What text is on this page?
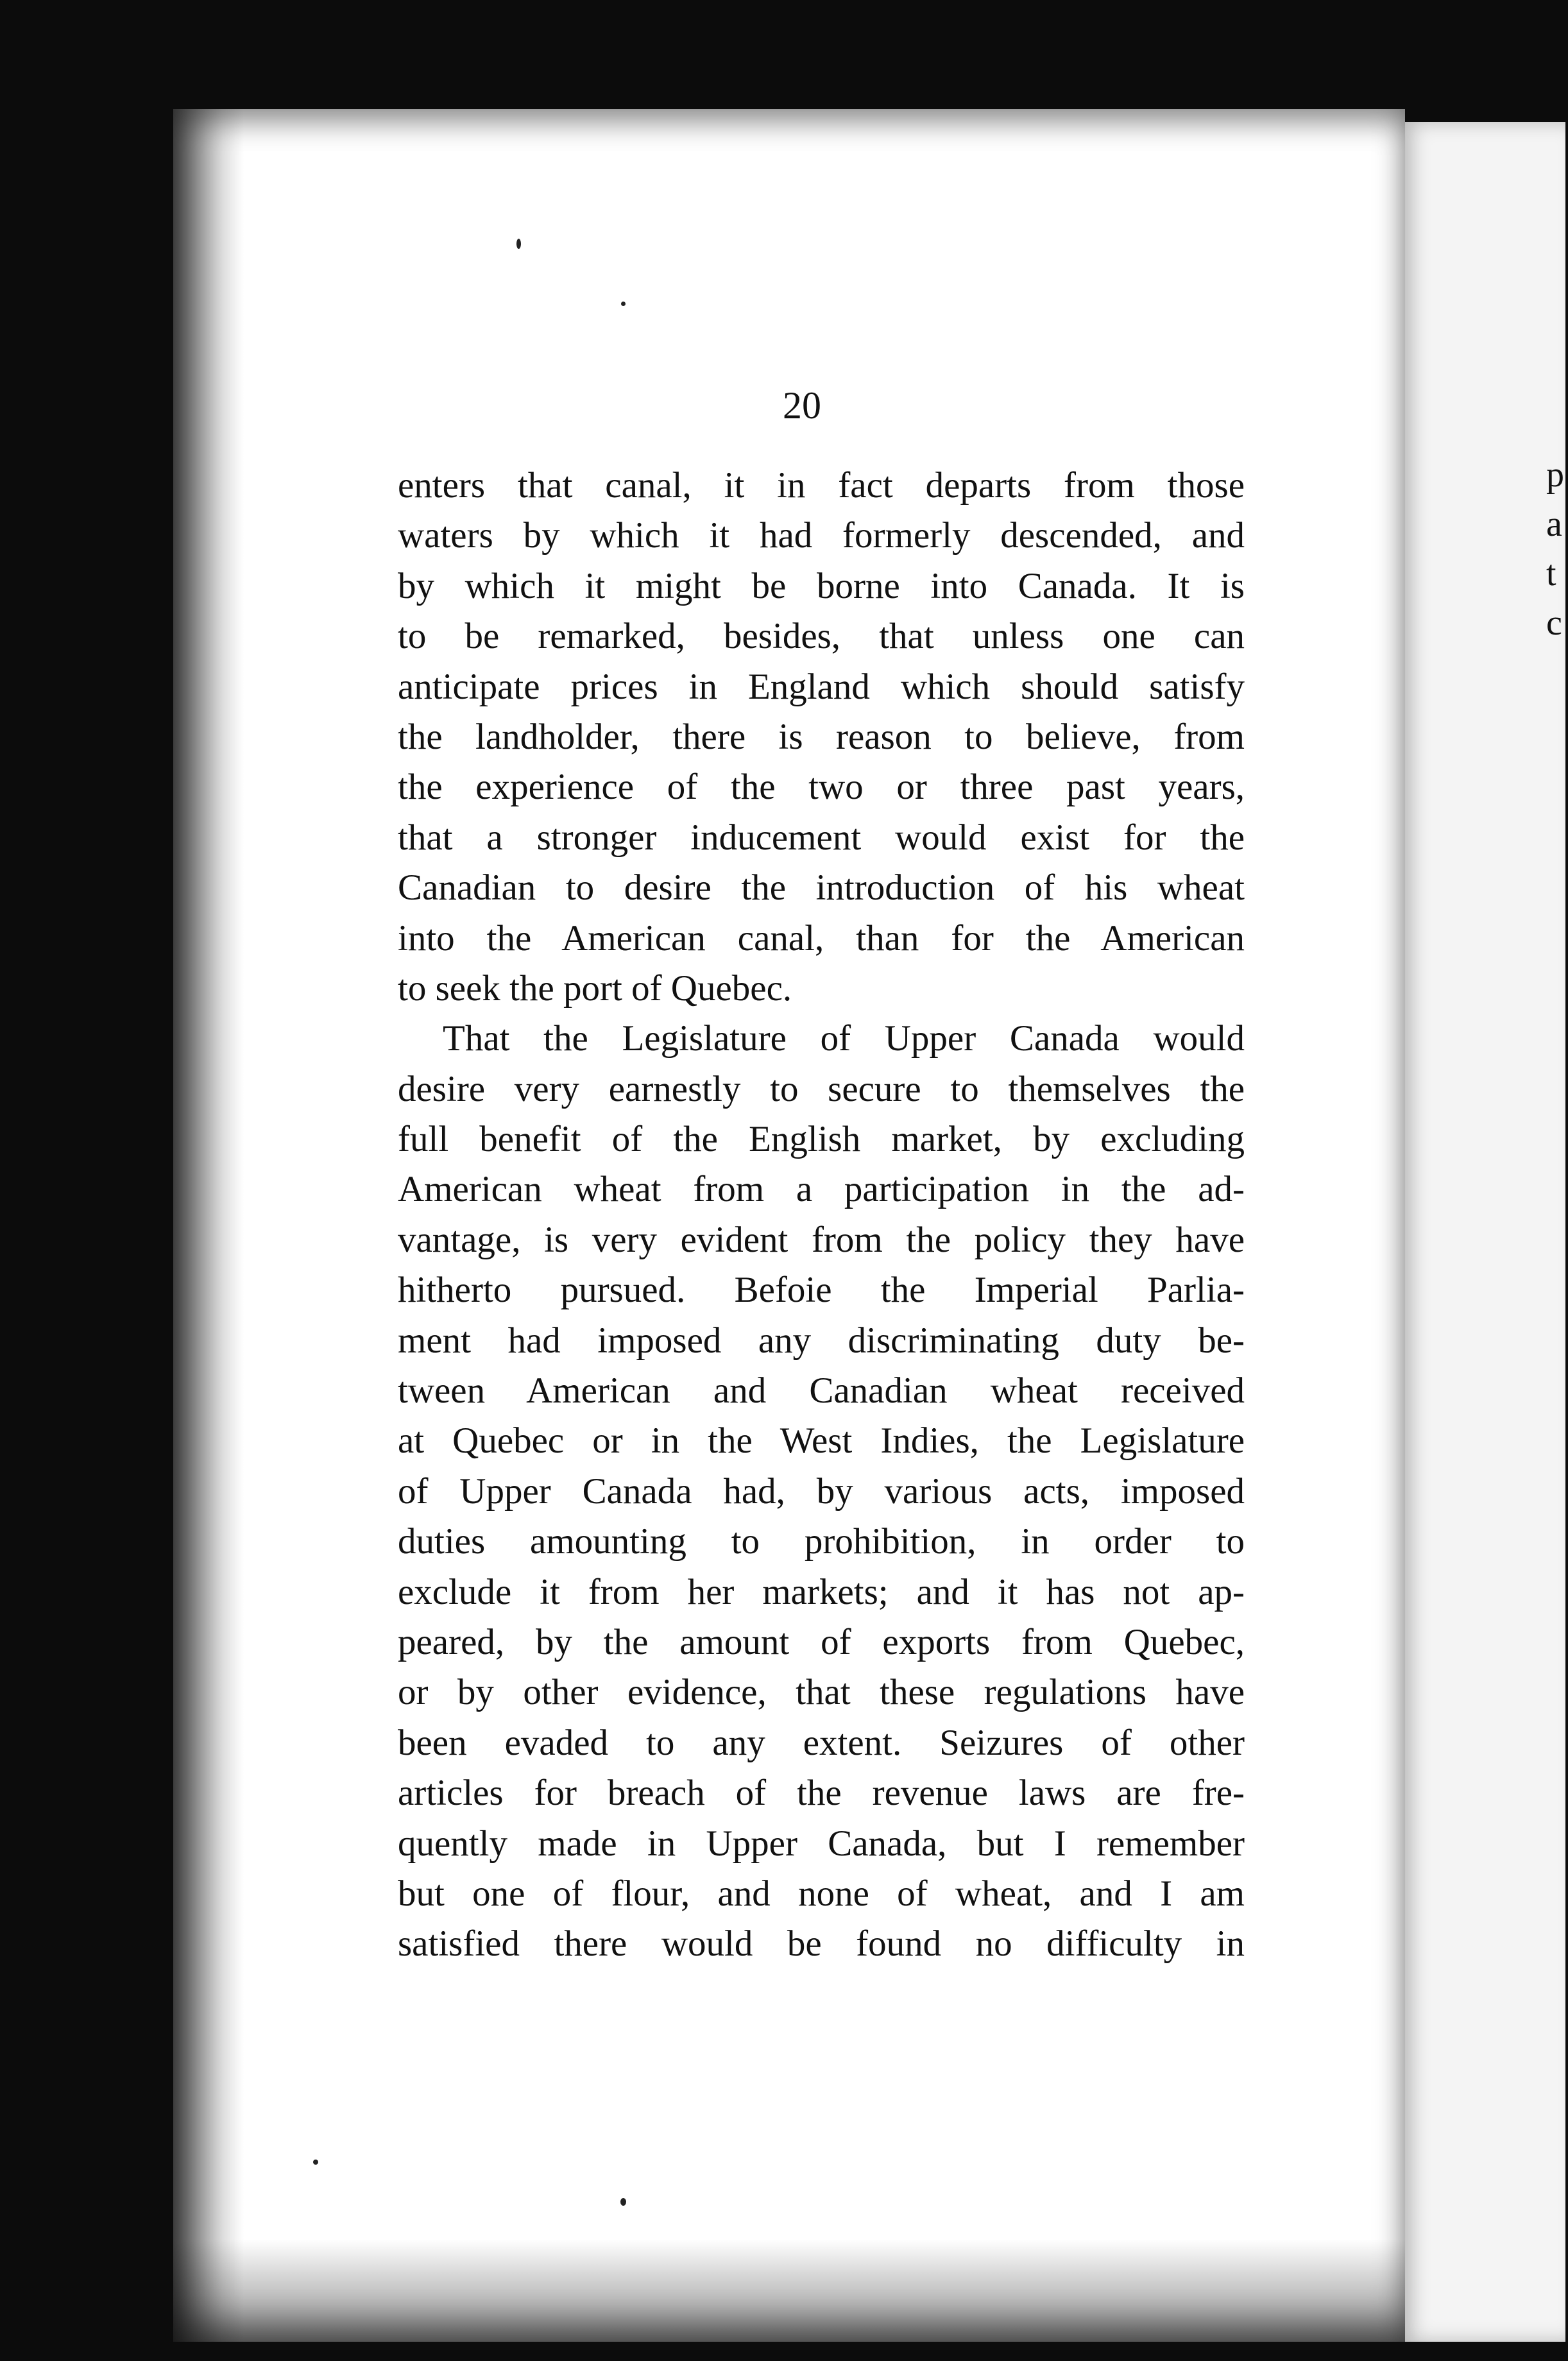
p
a
t
c
20
enters that canal, it in fact departs from those
waters by which it had formerly descended, and
by which it might be borne into Canada. It is
to be remarked, besides, that unless one can
anticipate prices in England which should satisfy
the landholder, there is reason to believe, from
the experience of the two or three past years,
that a stronger inducement would exist for the
Canadian to desire the introduction of his wheat
into the American canal, than for the American
to seek the port of Quebec.
That the Legislature of Upper Canada would
desire very earnestly to secure to themselves the
full benefit of the English market, by excluding
American wheat from a participation in the ad-
vantage, is very evident from the policy they have
hitherto pursued. Befoie the Imperial Parlia-
ment had imposed any discriminating duty be-
tween American and Canadian wheat received
at Quebec or in the West Indies, the Legislature
of Upper Canada had, by various acts, imposed
duties amounting to prohibition, in order to
exclude it from her markets; and it has not ap-
peared, by the amount of exports from Quebec,
or by other evidence, that these regulations have
been evaded to any extent. Seizures of other
articles for breach of the revenue laws are fre-
quently made in Upper Canada, but I remember
but one of flour, and none of wheat, and I am
satisfied there would be found no difficulty in
